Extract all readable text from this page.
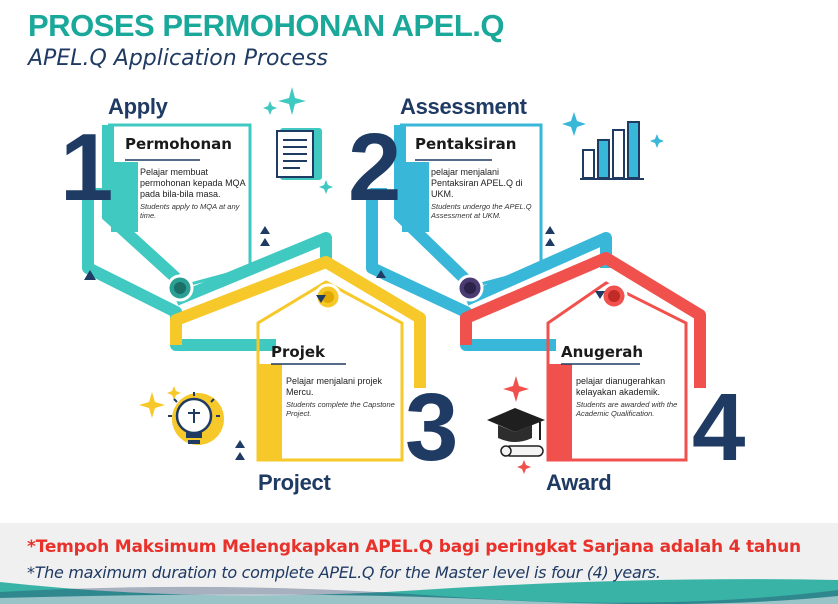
PROSES PERMOHONAN APEL.Q
APEL.Q Application Process
Apply
1
Assessment
2
3
Project
4
Award
Permohonan
Pelajar membuat permohonan kepada MQA pada bila-bila masa.
Students apply to MQA at any time.
Pentaksiran
pelajar menjalani Pentaksiran APEL.Q di UKM.
Students undergo the APEL.Q Assessment at UKM.
Projek
Pelajar menjalani projek Mercu.
Students complete the Capstone Project.
Anugerah
pelajar dianugerahkan kelayakan akademik.
Students are awarded with the Academic Qualification.
*Tempoh Maksimum Melengkapkan APEL.Q bagi peringkat Sarjana adalah 4 tahun
*The maximum duration to complete APEL.Q for the Master level is four (4) years.
